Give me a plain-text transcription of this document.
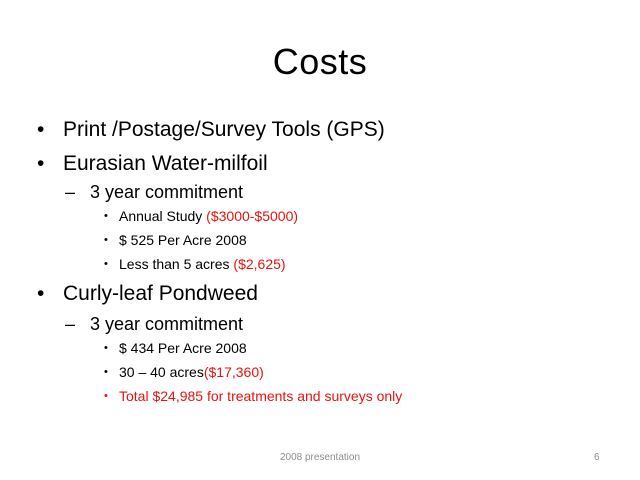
Costs
• Print /Postage/Survey Tools (GPS)
• Eurasian Water-milfoil
– 3 year commitment
• Annual Study ($3000-$5000)
• $ 525 Per Acre 2008
• Less than 5 acres ($2,625)
• Curly-leaf Pondweed
– 3 year commitment
• $ 434 Per Acre 2008
• 30 – 40 acres($17,360)
• Total $24,985 for treatments and surveys only
2008 presentation	6
